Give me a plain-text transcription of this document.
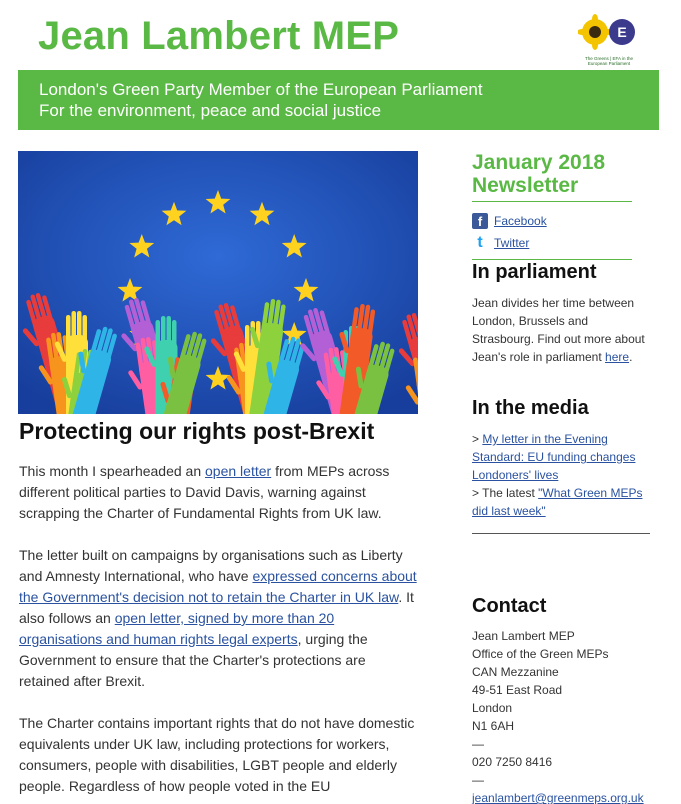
Jean Lambert MEP	E
The Greens | EFA in the European Parliament
London's Green Party Member of the European Parliament
For the environment, peace and social justice
Protecting our rights post-Brexit

This month I spearheaded an open letter from MEPs across different political parties to David Davis, warning against scrapping the Charter of Fundamental Rights from UK law.

The letter built on campaigns by organisations such as Liberty and Amnesty International, who have expressed concerns about the Government's decision not to retain the Charter in UK law. It also follows an open letter, signed by more than 20 organisations and human rights legal experts, urging the Government to ensure that the Charter's protections are retained after Brexit.

The Charter contains important rights that do not have domestic equivalents under UK law, including protections for workers, consumers, people with disabilities, LGBT people and elderly people. Regardless of how people voted in the EU

January 2018 Newsletter
f Facebook
t Twitter
In parliament
Jean divides her time between London, Brussels and Strasbourg. Find out more about Jean's role in parliament here.
In the media
> My letter in the Evening Standard: EU funding changes Londoners' lives
> The latest "What Green MEPs did last week"
Contact
Jean Lambert MEP
Office of the Green MEPs
CAN Mezzanine
49-51 East Road
London
N1 6AH
—
020 7250 8416
—
jeanlambert@greenmeps.org.uk
